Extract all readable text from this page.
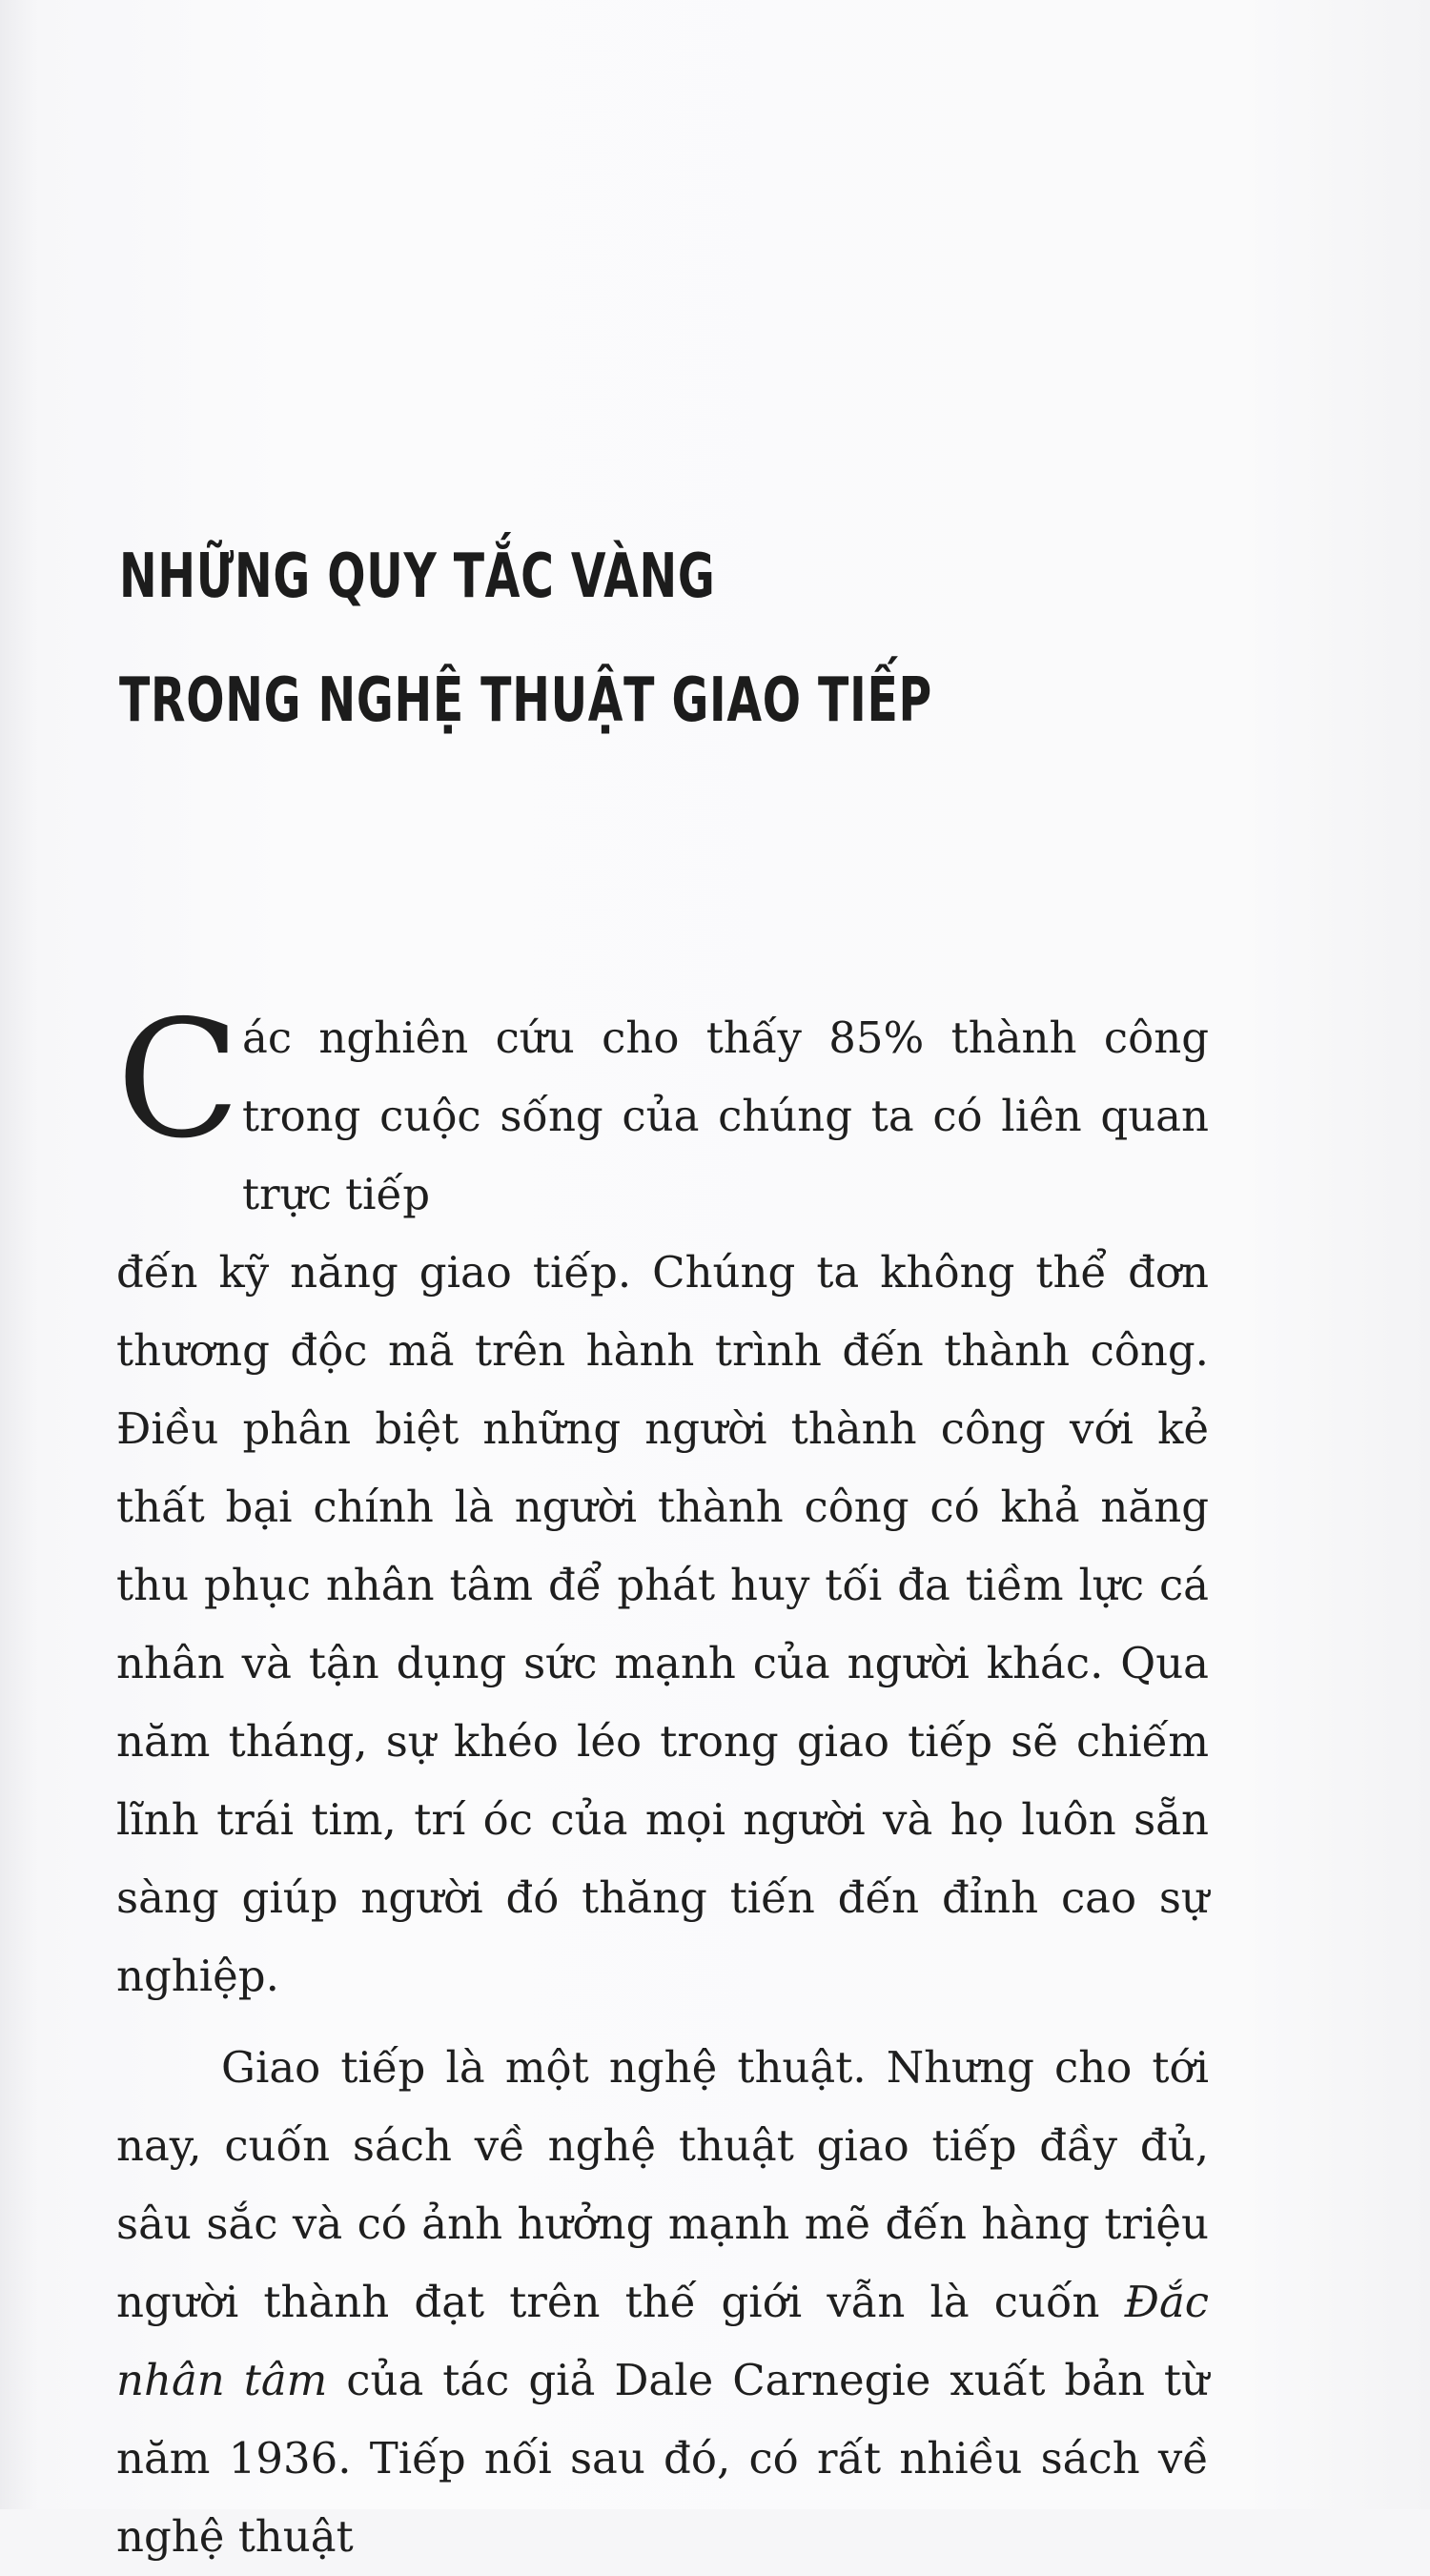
NHỮNG QUY TẮC VÀNG
TRONG NGHỆ THUẬT GIAO TIẾP

C ác nghiên cứu cho thấy 85% thành công trong cuộc sống của chúng ta có liên quan trực tiếp
đến kỹ năng giao tiếp. Chúng ta không thể đơn thương độc mã trên hành trình đến thành công. Điều phân biệt những người thành công với kẻ thất bại chính là người thành công có khả năng thu phục nhân tâm để phát huy tối đa tiềm lực cá nhân và tận dụng sức mạnh của người khác. Qua năm tháng, sự khéo léo trong giao tiếp sẽ chiếm lĩnh trái tim, trí óc của mọi người và họ luôn sẵn sàng giúp người đó thăng tiến đến đỉnh cao sự nghiệp.

Giao tiếp là một nghệ thuật. Nhưng cho tới nay, cuốn sách về nghệ thuật giao tiếp đầy đủ, sâu sắc và có ảnh hưởng mạnh mẽ đến hàng triệu người thành đạt trên thế giới vẫn là cuốn Đắc nhân tâm của tác giả Dale Carnegie xuất bản từ năm 1936. Tiếp nối sau đó, có rất nhiều sách về nghệ thuật
